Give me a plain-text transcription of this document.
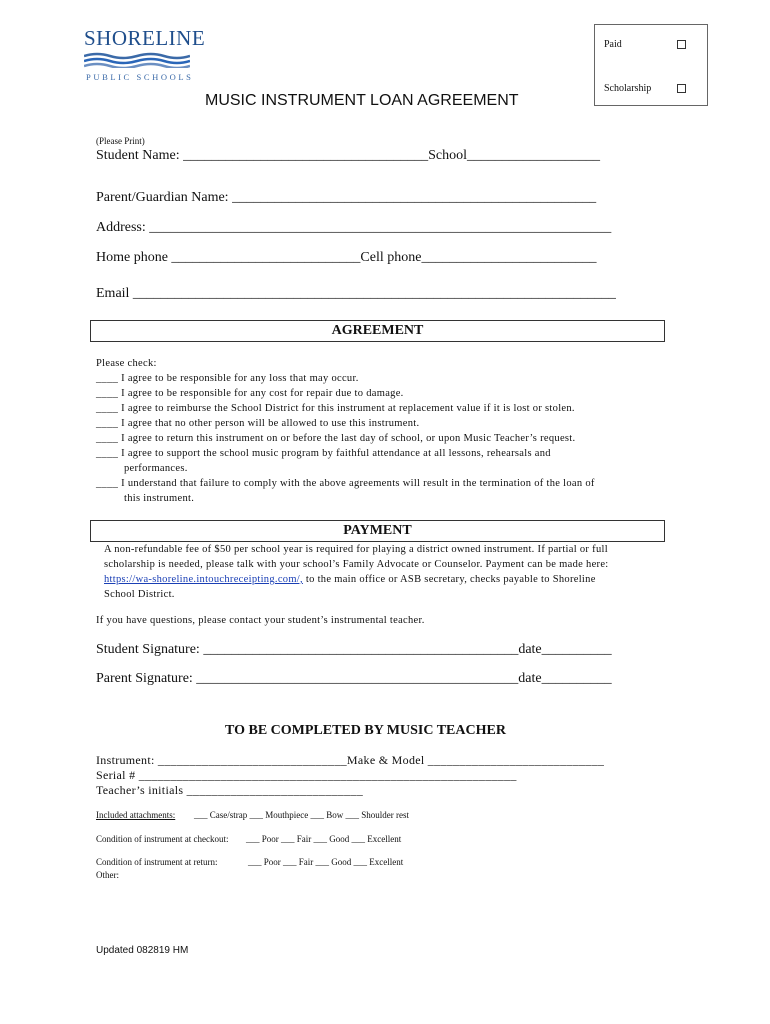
SHORELINE
PUBLIC SCHOOLS
MUSIC INSTRUMENT LOAN AGREEMENT
Paid
Scholarship
(Please Print)
Student Name: ___________________________________School___________________
Parent/Guardian Name: ____________________________________________________
Address: __________________________________________________________________
Home phone ___________________________Cell phone_________________________
Email _____________________________________________________________________
AGREEMENT
Please check:
____ I agree to be responsible for any loss that may occur.
____ I agree to be responsible for any cost for repair due to damage.
____ I agree to reimburse the School District for this instrument at replacement value if it is lost or stolen.
____ I agree that no other person will be allowed to use this instrument.
____ I agree to return this instrument on or before the last day of school, or upon Music Teacher’s request.
____ I agree to support the school music program by faithful attendance at all lessons, rehearsals and
performances.
____ I understand that failure to comply with the above agreements will result in the termination of the loan of
this instrument.
PAYMENT
A non-refundable fee of $50 per school year is required for playing a district owned instrument. If partial or full
scholarship is needed, please talk with your school’s Family Advocate or Counselor. Payment can be made here:
https://wa-shoreline.intouchreceipting.com/, to the main office or ASB secretary, checks payable to Shoreline
School District.
If you have questions, please contact your student’s instrumental teacher.
Student Signature: _____________________________________________date__________
Parent Signature: ______________________________________________date__________
TO BE COMPLETED BY MUSIC TEACHER
Instrument: ______________________________Make & Model ____________________________
Serial # ____________________________________________________________
Teacher’s initials ____________________________
Included attachments: ___ Case/strap ___ Mouthpiece ___ Bow ___ Shoulder rest
Condition of instrument at checkout: ___ Poor ___ Fair ___ Good ___ Excellent
Condition of instrument at return:	___ Poor ___ Fair ___ Good ___ Excellent
Other:
Updated 082819 HM
